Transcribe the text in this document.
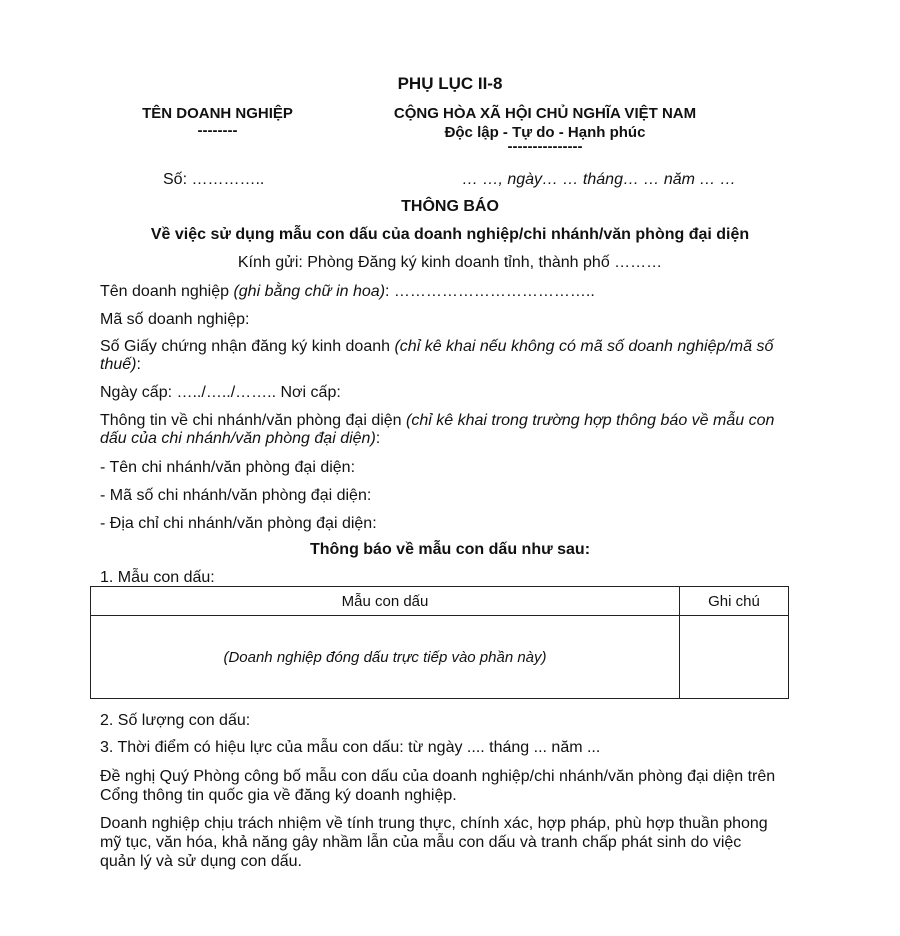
PHỤ LỤC II-8
TÊN DOANH NGHIỆP
--------
CỘNG HÒA XÃ HỘI CHỦ NGHĨA VIỆT NAM
Độc lập - Tự do - Hạnh phúc
---------------
Số: …………..	… …, ngày… … tháng… … năm … …
THÔNG BÁO
Về việc sử dụng mẫu con dấu của doanh nghiệp/chi nhánh/văn phòng đại diện
Kính gửi: Phòng Đăng ký kinh doanh tỉnh, thành phố ………
Tên doanh nghiệp (ghi bằng chữ in hoa): ………………………………..
Mã số doanh nghiệp:
Số Giấy chứng nhận đăng ký kinh doanh (chỉ kê khai nếu không có mã số doanh nghiệp/mã số
thuế):
Ngày cấp: …../…../…….. Nơi cấp:
Thông tin về chi nhánh/văn phòng đại diện (chỉ kê khai trong trường hợp thông báo về mẫu con
dấu của chi nhánh/văn phòng đại diện):
- Tên chi nhánh/văn phòng đại diện:
- Mã số chi nhánh/văn phòng đại diện:
- Địa chỉ chi nhánh/văn phòng đại diện:
Thông báo về mẫu con dấu như sau:
1. Mẫu con dấu:
Mẫu con dấu	Ghi chú
(Doanh nghiệp đóng dấu trực tiếp vào phần này)	
2. Số lượng con dấu:
3. Thời điểm có hiệu lực của mẫu con dấu: từ ngày .... tháng ... năm ...
Đề nghị Quý Phòng công bố mẫu con dấu của doanh nghiệp/chi nhánh/văn phòng đại diện trên
Cổng thông tin quốc gia về đăng ký doanh nghiệp.
Doanh nghiệp chịu trách nhiệm về tính trung thực, chính xác, hợp pháp, phù hợp thuần phong
mỹ tục, văn hóa, khả năng gây nhầm lẫn của mẫu con dấu và tranh chấp phát sinh do việc
quản lý và sử dụng con dấu.
